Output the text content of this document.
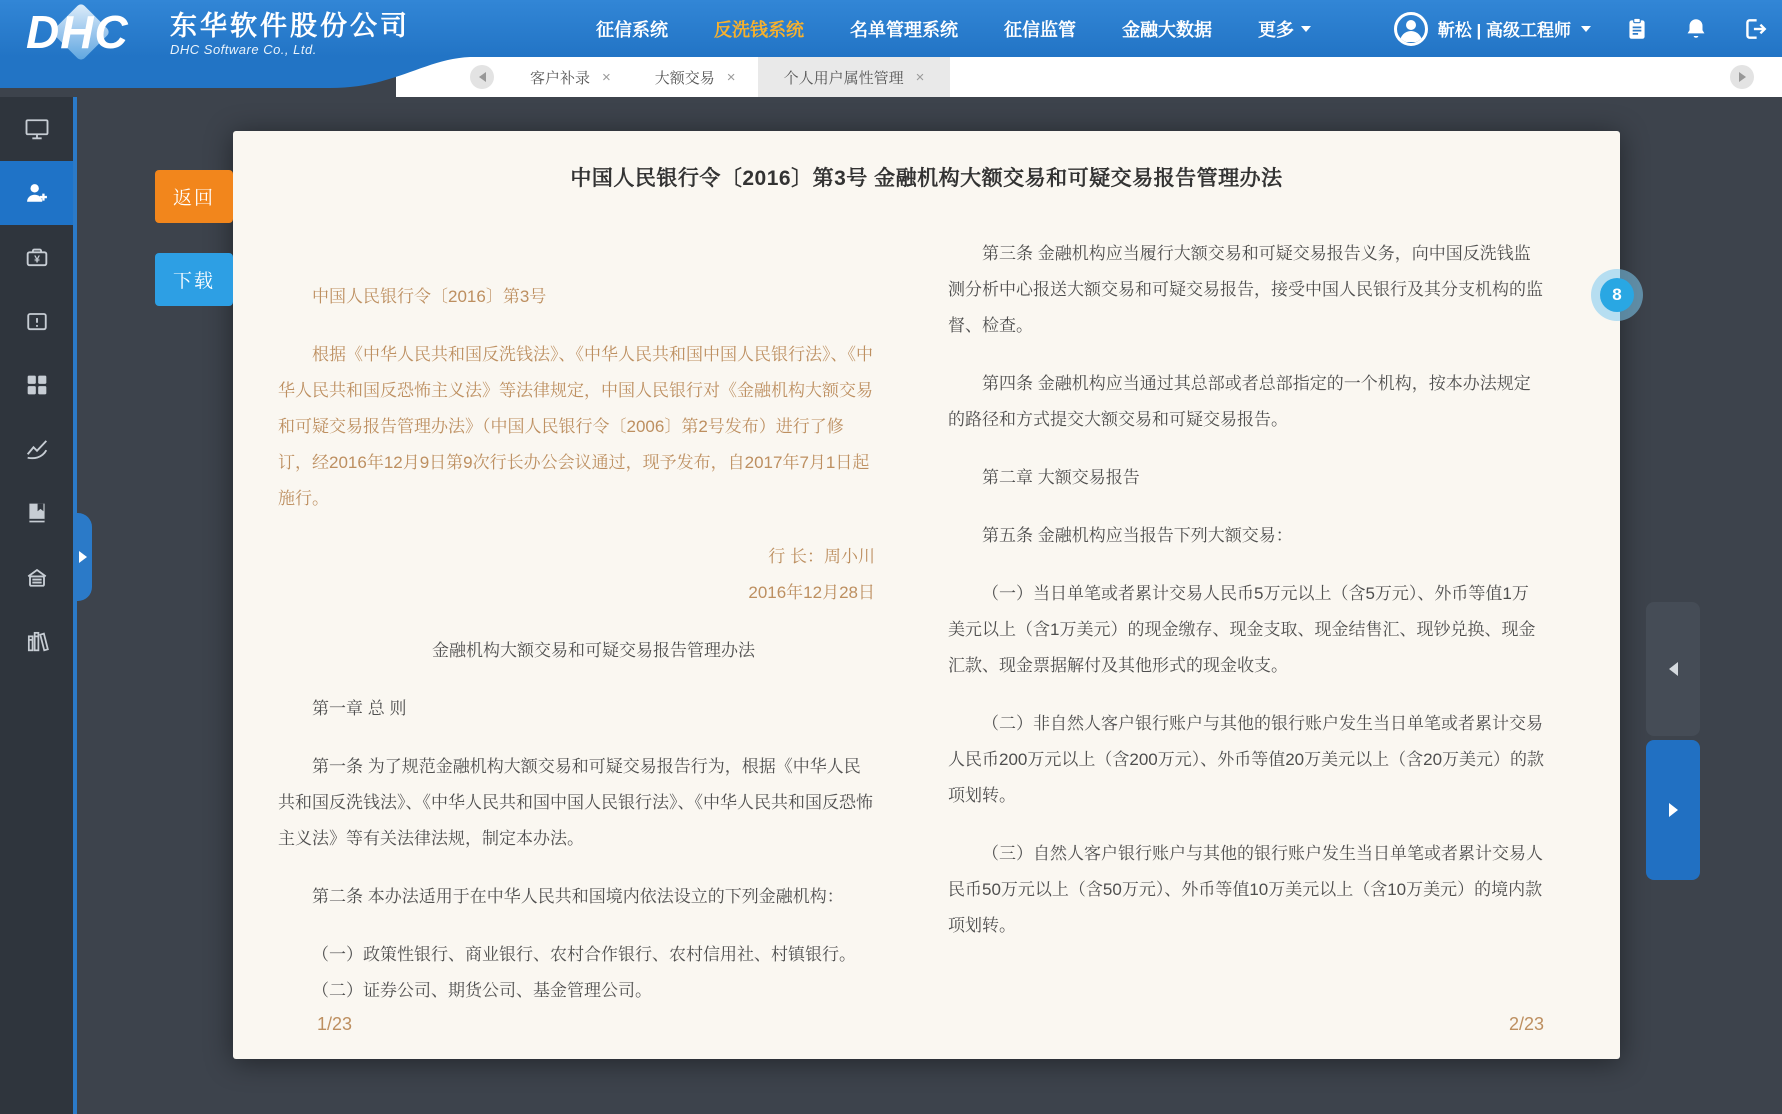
DHC 东华软件股份公司
DHC Software Co., Ltd.
征信系统	反洗钱系统	名单管理系统	征信监管	金融大数据	更多	靳松 | 高级工程师
客户补录 ×	大额交易 ×	个人用户属性管理 ×
¥
中国人民银行令〔2016〕第3号 金融机构大额交易和可疑交易报告管理办法

中国人民银行令〔2016〕第3号

根据《中华人民共和国反洗钱法》、《中华人民共和国中国人民银行法》、《中华人民共和国反恐怖主义法》等法律规定，中国人民银行对《金融机构大额交易和可疑交易报告管理办法》（中国人民银行令〔2006〕第2号发布）进行了修订，经2016年12月9日第9次行长办公会议通过，现予发布，自2017年7月1日起施行。

行 长：周小川

2016年12月28日

金融机构大额交易和可疑交易报告管理办法

第一章 总 则

第一条 为了规范金融机构大额交易和可疑交易报告行为，根据《中华人民共和国反洗钱法》、《中华人民共和国中国人民银行法》、《中华人民共和国反恐怖主义法》等有关法律法规，制定本办法。

第二条 本办法适用于在中华人民共和国境内依法设立的下列金融机构：

（一）政策性银行、商业银行、农村合作银行、农村信用社、村镇银行。

（二）证券公司、期货公司、基金管理公司。

第三条 金融机构应当履行大额交易和可疑交易报告义务，向中国反洗钱监测分析中心报送大额交易和可疑交易报告，接受中国人民银行及其分支机构的监督、检查。

第四条 金融机构应当通过其总部或者总部指定的一个机构，按本办法规定的路径和方式提交大额交易和可疑交易报告。

第二章 大额交易报告

第五条 金融机构应当报告下列大额交易：

（一）当日单笔或者累计交易人民币5万元以上（含5万元）、外币等值1万美元以上（含1万美元）的现金缴存、现金支取、现金结售汇、现钞兑换、现金汇款、现金票据解付及其他形式的现金收支。

（二）非自然人客户银行账户与其他的银行账户发生当日单笔或者累计交易人民币200万元以上（含200万元）、外币等值20万美元以上（含20万美元）的款项划转。

（三）自然人客户银行账户与其他的银行账户发生当日单笔或者累计交易人民币50万元以上（含50万元）、外币等值10万美元以上（含10万美元）的境内款项划转。

1/23	2/23
返回
下载
8
